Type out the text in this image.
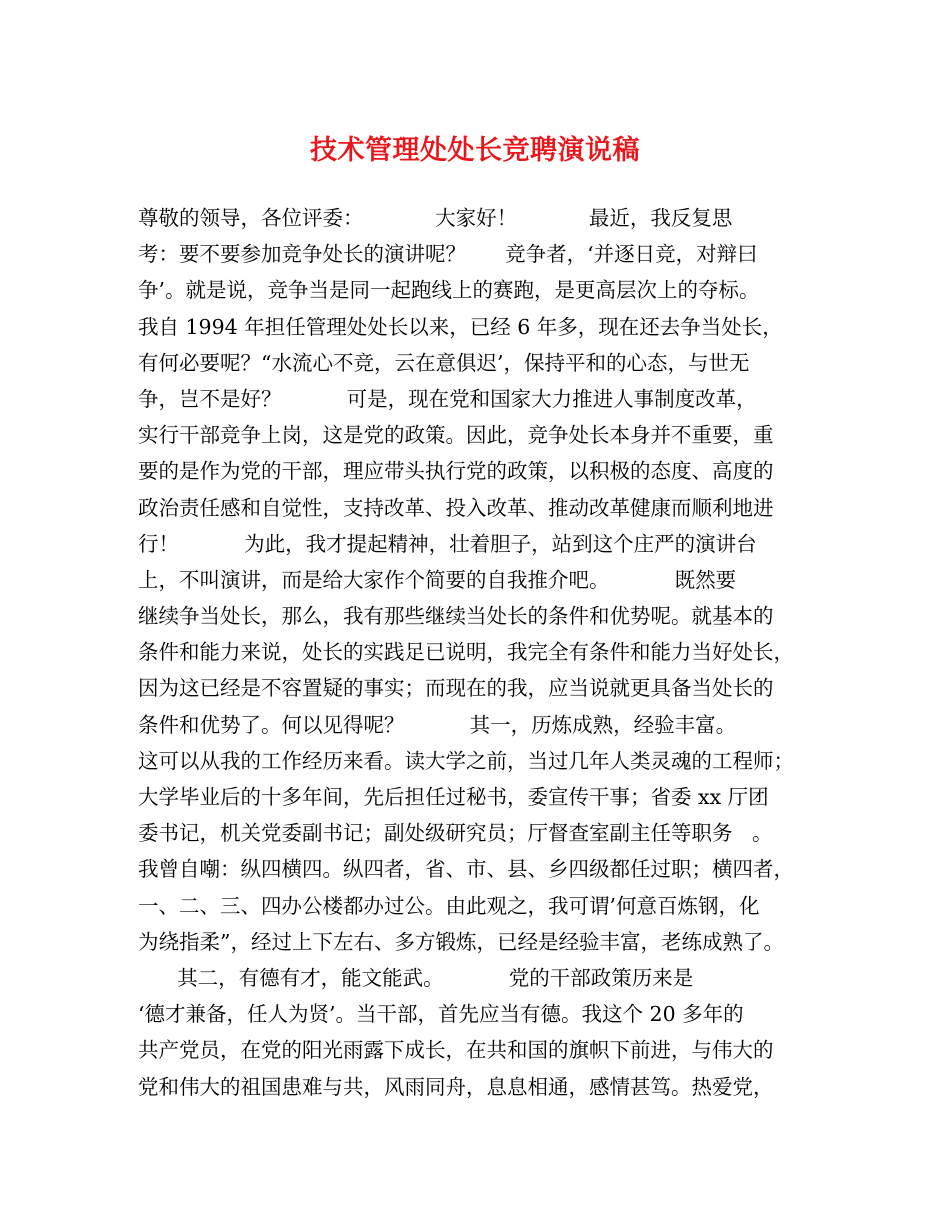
技术管理处处长竞聘演说稿
尊敬的领导，各位评委：           大家好！           最近，我反复思
考：要不要参加竞争处长的演讲呢？      竞争者，‘并逐日竞，对辩曰
争’。就是说，竞争当是同一起跑线上的赛跑，是更高层次上的夺标。
我自 1994 年担任管理处处长以来，已经 6 年多，现在还去争当处长，
有何必要呢？“水流心不竞，云在意俱迟’，保持平和的心态，与世无
争，岂不是好？          可是，现在党和国家大力推进人事制度改革，
实行干部竞争上岗，这是党的政策。因此，竞争处长本身并不重要，重
要的是作为党的干部，理应带头执行党的政策，以积极的态度、高度的
政治责任感和自觉性，支持改革、投入改革、推动改革健康而顺利地进
行！          为此，我才提起精神，壮着胆子，站到这个庄严的演讲台
上，不叫演讲，而是给大家作个简要的自我推介吧。          既然要
继续争当处长，那么，我有那些继续当处长的条件和优势呢。就基本的
条件和能力来说，处长的实践足已说明，我完全有条件和能力当好处长，
因为这已经是不容置疑的事实；而现在的我，应当说就更具备当处长的
条件和优势了。何以见得呢？          其一，历炼成熟，经验丰富。
这可以从我的工作经历来看。读大学之前，当过几年人类灵魂的工程师；
大学毕业后的十多年间，先后担任过秘书，委宣传干事；省委 xx 厅团
委书记，机关党委副书记；副处级研究员；厅督查室副主任等职务   。
我曾自嘲：纵四横四。纵四者，省、市、县、乡四级都任过职；横四者，
一、二、三、四办公楼都办过公。由此观之，我可谓’何意百炼钢，化
为绕指柔”，经过上下左右、多方锻炼，已经是经验丰富，老练成熟了。
其二，有德有才，能文能武。          党的干部政策历来是
‘德才兼备，任人为贤’。当干部，首先应当有德。我这个 20 多年的
共产党员，在党的阳光雨露下成长，在共和国的旗帜下前进，与伟大的
党和伟大的祖国患难与共，风雨同舟，息息相通，感情甚笃。热爱党，
